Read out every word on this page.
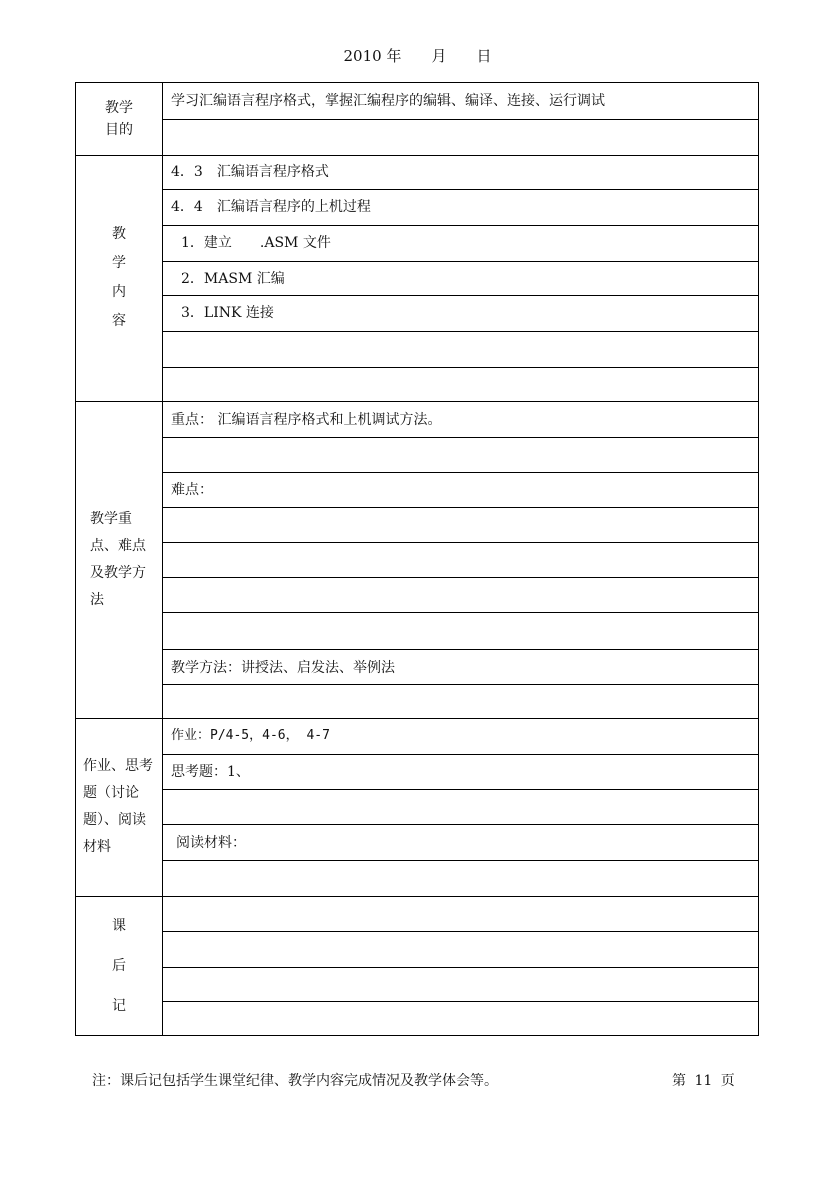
2010 年 月 日
教学目的
学习汇编语言程序格式，掌握汇编程序的编辑、编译、连接、运行调试
教学内容
4．3　汇编语言程序格式
4．4　汇编语言程序的上机过程
1．建立　　.ASM 文件
2．MASM 汇编
3．LINK 连接
教学重点、难点及教学方法
重点： 汇编语言程序格式和上机调试方法。
难点：
教学方法：讲授法、启发法、举例法
作业、思考题（讨论题）、阅读材料
作业：P/4-5，4-6， 4-7
思考题：1、
阅读材料：
课后记
注：课后记包括学生课堂纪律、教学内容完成情况及教学体会等。	第 11 页
